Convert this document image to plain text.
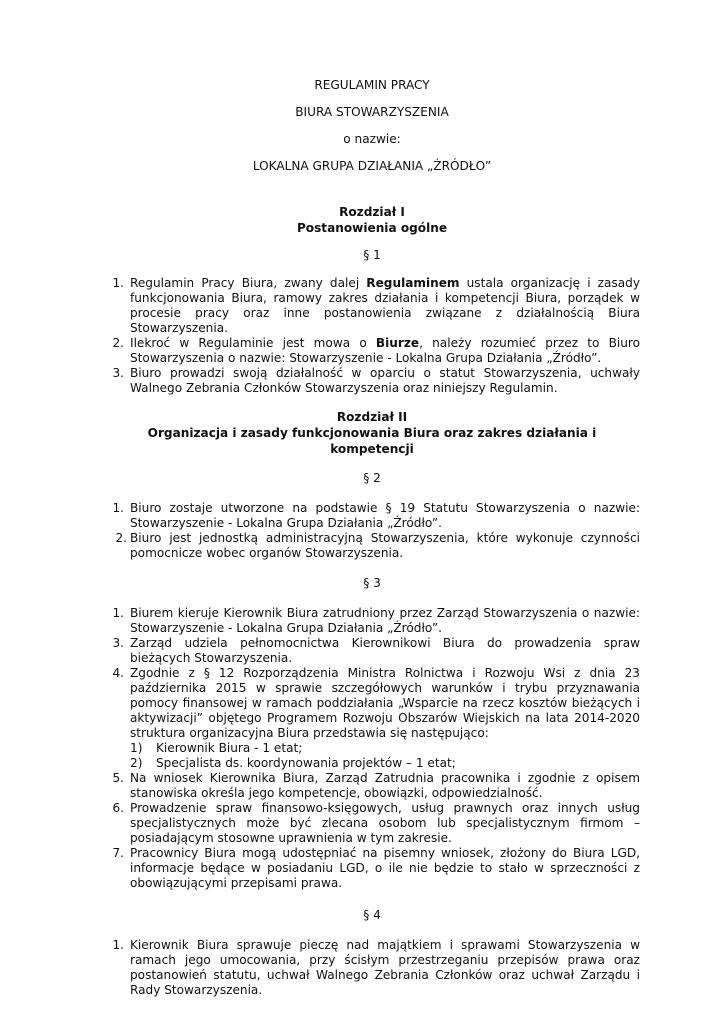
REGULAMIN PRACY
BIURA STOWARZYSZENIA
o nazwie:
LOKALNA GRUPA DZIAŁANIA „ŹRÓDŁO”
Rozdział I
Postanowienia ogólne
§ 1
1. Regulamin Pracy Biura, zwany dalej Regulaminem ustala organizację i zasady funkcjonowania Biura, ramowy zakres działania i kompetencji Biura, porządek w procesie pracy oraz inne postanowienia związane z działalnością Biura Stowarzyszenia.
2. Ilekroć w Regulaminie jest mowa o Biurze, należy rozumieć przez to Biuro Stowarzyszenia o nazwie: Stowarzyszenie - Lokalna Grupa Działania „Źródło”.
3. Biuro prowadzi swoją działalność w oparciu o statut Stowarzyszenia, uchwały Walnego Zebrania Członków Stowarzyszenia oraz niniejszy Regulamin.
Rozdział II
Organizacja i zasady funkcjonowania Biura oraz zakres działania i kompetencji
§ 2
1. Biuro zostaje utworzone na podstawie § 19 Statutu Stowarzyszenia o nazwie: Stowarzyszenie - Lokalna Grupa Działania „Źródło”.
2. Biuro jest jednostką administracyjną Stowarzyszenia, które wykonuje czynności pomocnicze wobec organów Stowarzyszenia.
§ 3
1. Biurem kieruje Kierownik Biura zatrudniony przez Zarząd Stowarzyszenia o nazwie: Stowarzyszenie - Lokalna Grupa Działania „Źródło”.
3. Zarząd udziela pełnomocnictwa Kierownikowi Biura do prowadzenia spraw bieżących Stowarzyszenia.
4. Zgodnie z § 12 Rozporządzenia Ministra Rolnictwa i Rozwoju Wsi z dnia 23 października 2015 w sprawie szczegółowych warunków i trybu przyznawania pomocy finansowej w ramach poddziałania „Wsparcie na rzecz kosztów bieżących i aktywizacji” objętego Programem Rozwoju Obszarów Wiejskich na lata 2014-2020 struktura organizacyjna Biura przedstawia się następująco:
1) Kierownik Biura - 1 etat;
2) Specjalista ds. koordynowania projektów – 1 etat;
5. Na wniosek Kierownika Biura, Zarząd Zatrudnia pracownika i zgodnie z opisem stanowiska określa jego kompetencje, obowiązki, odpowiedzialność.
6. Prowadzenie spraw finansowo-księgowych, usług prawnych oraz innych usług specjalistycznych może być zlecana osobom lub specjalistycznym firmom – posiadającym stosowne uprawnienia w tym zakresie.
7. Pracownicy Biura mogą udostępniać na pisemny wniosek, złożony do Biura LGD, informacje będące w posiadaniu LGD, o ile nie będzie to stało w sprzeczności z obowiązującymi przepisami prawa.
§ 4
1. Kierownik Biura sprawuje pieczę nad majątkiem i sprawami Stowarzyszenia w ramach jego umocowania, przy ścisłym przestrzeganiu przepisów prawa oraz postanowień statutu, uchwał Walnego Zebrania Członków oraz uchwał Zarządu i Rady Stowarzyszenia.
